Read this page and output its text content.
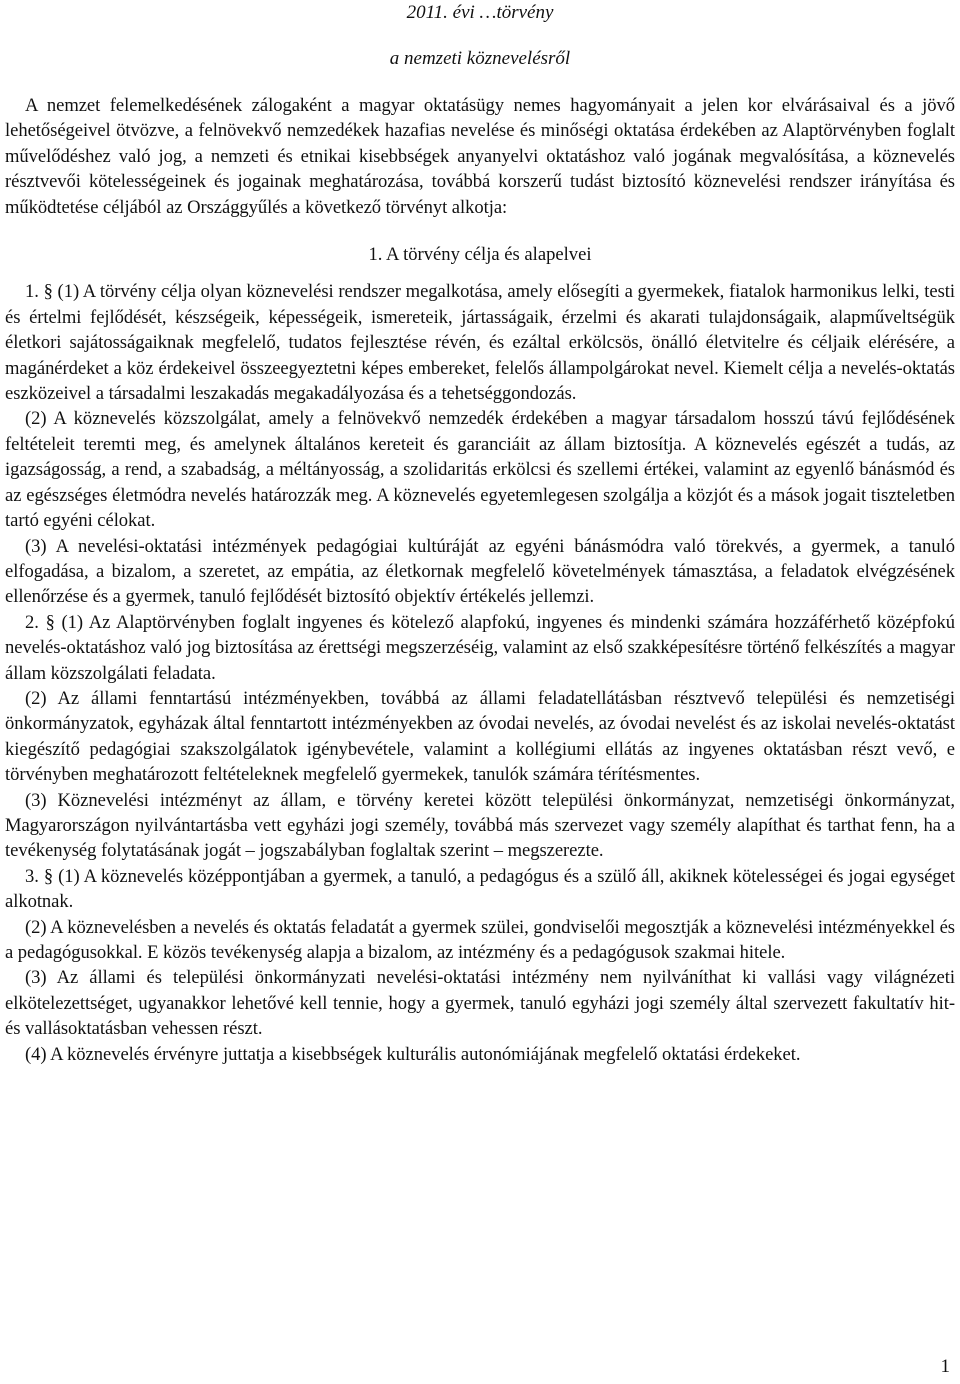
2011. évi …törvény

a nemzeti köznevelésről

A nemzet felemelkedésének zálogaként a magyar oktatásügy nemes hagyományait a jelen kor elvárásaival és a jövő lehetőségeivel ötvözve, a felnövekvő nemzedékek hazafias nevelése és minőségi oktatása érdekében az Alaptörvényben foglalt művelődéshez való jog, a nemzeti és etnikai kisebbségek anyanyelvi oktatáshoz való jogának megvalósítása, a köznevelés résztvevői kötelességeinek és jogainak meghatározása, továbbá korszerű tudást biztosító köznevelési rendszer irányítása és működtetése céljából az Országgyűlés a következő törvényt alkotja:

1. A törvény célja és alapelvei

1. § (1) A törvény célja olyan köznevelési rendszer megalkotása, amely elősegíti a gyermekek, fiatalok harmonikus lelki, testi és értelmi fejlődését, készségeik, képességeik, ismereteik, jártasságaik, érzelmi és akarati tulajdonságaik, alapműveltségük életkori sajátosságaiknak megfelelő, tudatos fejlesztése révén, és ezáltal erkölcsös, önálló életvitelre és céljaik elérésére, a magánérdeket a köz érdekeivel összeegyeztetni képes embereket, felelős állampolgárokat nevel. Kiemelt célja a nevelés-oktatás eszközeivel a társadalmi leszakadás megakadályozása és a tehetséggondozás.

(2) A köznevelés közszolgálat, amely a felnövekvő nemzedék érdekében a magyar társadalom hosszú távú fejlődésének feltételeit teremti meg, és amelynek általános kereteit és garanciáit az állam biztosítja. A köznevelés egészét a tudás, az igazságosság, a rend, a szabadság, a méltányosság, a szolidaritás erkölcsi és szellemi értékei, valamint az egyenlő bánásmód és az egészséges életmódra nevelés határozzák meg. A köznevelés egyetemlegesen szolgálja a közjót és a mások jogait tiszteletben tartó egyéni célokat.

(3) A nevelési-oktatási intézmények pedagógiai kultúráját az egyéni bánásmódra való törekvés, a gyermek, a tanuló elfogadása, a bizalom, a szeretet, az empátia, az életkornak megfelelő követelmények támasztása, a feladatok elvégzésének ellenőrzése és a gyermek, tanuló fejlődését biztosító objektív értékelés jellemzi.

2. § (1) Az Alaptörvényben foglalt ingyenes és kötelező alapfokú, ingyenes és mindenki számára hozzáférhető középfokú nevelés-oktatáshoz való jog biztosítása az érettségi megszerzéséig, valamint az első szakképesítésre történő felkészítés a magyar állam közszolgálati feladata.

(2) Az állami fenntartású intézményekben, továbbá az állami feladatellátásban résztvevő települési és nemzetiségi önkormányzatok, egyházak által fenntartott intézményekben az óvodai nevelés, az óvodai nevelést és az iskolai nevelés-oktatást kiegészítő pedagógiai szakszolgálatok igénybevétele, valamint a kollégiumi ellátás az ingyenes oktatásban részt vevő, e törvényben meghatározott feltételeknek megfelelő gyermekek, tanulók számára térítésmentes.

(3) Köznevelési intézményt az állam, e törvény keretei között települési önkormányzat, nemzetiségi önkormányzat, Magyarországon nyilvántartásba vett egyházi jogi személy, továbbá más szervezet vagy személy alapíthat és tarthat fenn, ha a tevékenység folytatásának jogát – jogszabályban foglaltak szerint – megszerezte.

3. § (1) A köznevelés középpontjában a gyermek, a tanuló, a pedagógus és a szülő áll, akiknek kötelességei és jogai egységet alkotnak.

(2) A köznevelésben a nevelés és oktatás feladatát a gyermek szülei, gondviselői megosztják a köznevelési intézményekkel és a pedagógusokkal. E közös tevékenység alapja a bizalom, az intézmény és a pedagógusok szakmai hitele.

(3) Az állami és települési önkormányzati nevelési-oktatási intézmény nem nyilváníthat ki vallási vagy világnézeti elkötelezettséget, ugyanakkor lehetővé kell tennie, hogy a gyermek, tanuló egyházi jogi személy által szervezett fakultatív hit- és vallásoktatásban vehessen részt.

(4) A köznevelés érvényre juttatja a kisebbségek kulturális autonómiájának megfelelő oktatási érdekeket.

1
